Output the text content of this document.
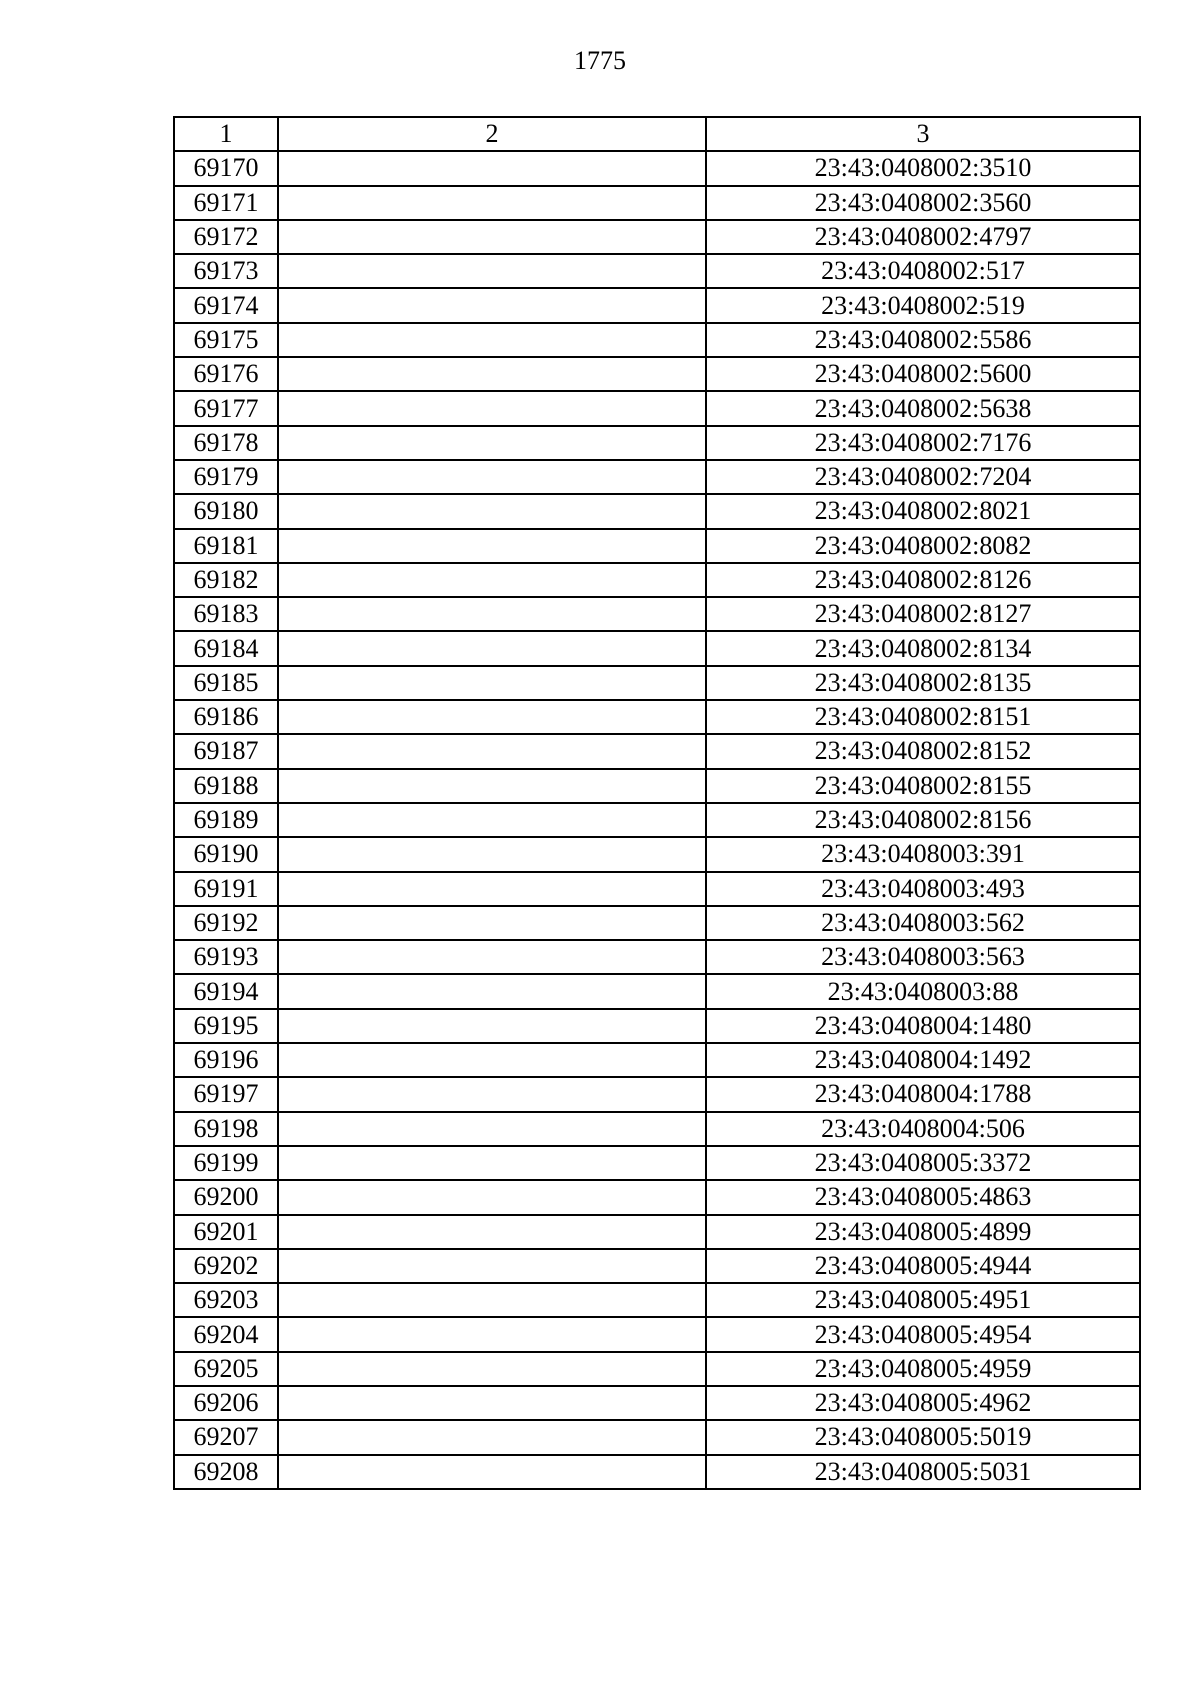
1775
1	2	3
69170		23:43:0408002:3510
69171		23:43:0408002:3560
69172		23:43:0408002:4797
69173		23:43:0408002:517
69174		23:43:0408002:519
69175		23:43:0408002:5586
69176		23:43:0408002:5600
69177		23:43:0408002:5638
69178		23:43:0408002:7176
69179		23:43:0408002:7204
69180		23:43:0408002:8021
69181		23:43:0408002:8082
69182		23:43:0408002:8126
69183		23:43:0408002:8127
69184		23:43:0408002:8134
69185		23:43:0408002:8135
69186		23:43:0408002:8151
69187		23:43:0408002:8152
69188		23:43:0408002:8155
69189		23:43:0408002:8156
69190		23:43:0408003:391
69191		23:43:0408003:493
69192		23:43:0408003:562
69193		23:43:0408003:563
69194		23:43:0408003:88
69195		23:43:0408004:1480
69196		23:43:0408004:1492
69197		23:43:0408004:1788
69198		23:43:0408004:506
69199		23:43:0408005:3372
69200		23:43:0408005:4863
69201		23:43:0408005:4899
69202		23:43:0408005:4944
69203		23:43:0408005:4951
69204		23:43:0408005:4954
69205		23:43:0408005:4959
69206		23:43:0408005:4962
69207		23:43:0408005:5019
69208		23:43:0408005:5031
